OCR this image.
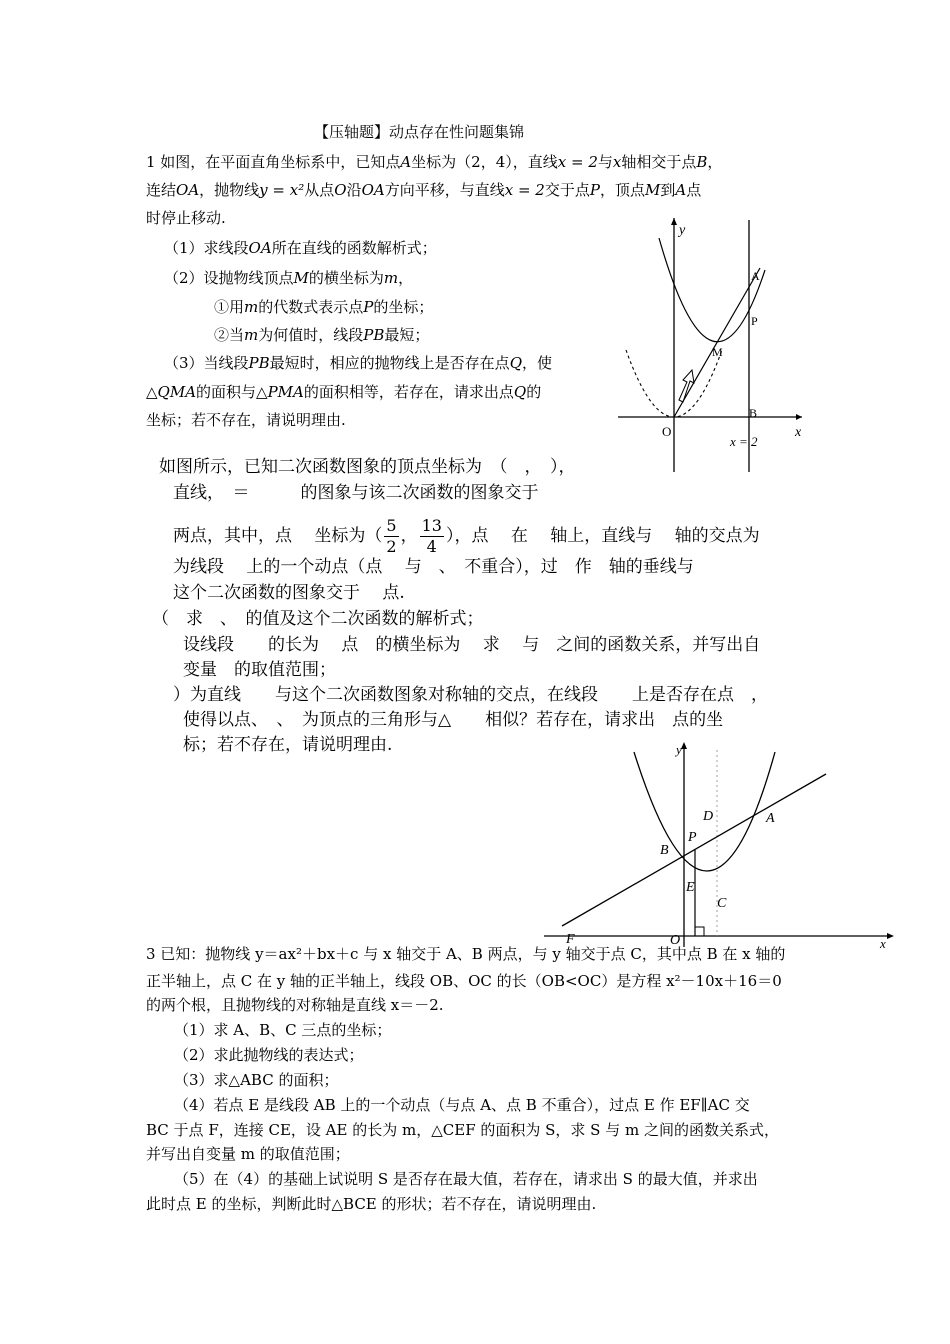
【压轴题】动点存在性问题集锦
1 如图，在平面直角坐标系中，已知点A坐标为（2，4），直线x = 2与x轴相交于点B，
连结OA，抛物线y = x²从点O沿OA方向平移，与直线x = 2交于点P，顶点M到A点
时停止移动.
（1）求线段OA所在直线的函数解析式；
（2）设抛物线顶点M的横坐标为m，
①用m的代数式表示点P的坐标；
②当m为何值时，线段PB最短；
（3）当线段PB最短时，相应的抛物线上是否存在点Q，使
△QMA的面积与△PMA的面积相等，若存在，请求出点Q的
坐标；若不存在，请说明理由.
y
x
O
A
P
M
B
x = 2
如图所示，已知二次函数图象的顶点坐标为　（　，　），
直线，　＝　　　的图象与该二次函数的图象交于
两点，其中，点　 坐标为（ $\frac{5}{2}$ ， $\frac{13}{4}$ ），点　 在　 轴上，直线与　 轴的交点为
为线段　 上的一个动点（点　 与　、　不重合），过　作　轴的垂线与
这个二次函数的图象交于　 点.
（　求　、　的值及这个二次函数的解析式；
设线段　　的长为　 点　的横坐标为　 求　 与　之间的函数关系，并写出自
变量　的取值范围；
）为直线　　与这个二次函数图象对称轴的交点，在线段　　上是否存在点　，
使得以点、　、　为顶点的三角形与△　　相似？若存在，请求出　点的坐
标；若不存在，请说明理由.	y
x
D	A
P
B
E
C
F	O
3 已知：抛物线 y＝ax²＋bx＋c 与 x 轴交于 A、B 两点，与 y 轴交于点 C，其中点 B 在 x 轴的
正半轴上，点 C 在 y 轴的正半轴上，线段 OB、OC 的长（OB<OC）是方程 x²－10x＋16＝0
的两个根，且抛物线的对称轴是直线 x＝－2.
（1）求 A、B、C 三点的坐标；
（2）求此抛物线的表达式；
（3）求△ABC 的面积；
（4）若点 E 是线段 AB 上的一个动点（与点 A、点 B 不重合），过点 E 作 EF∥AC 交
BC 于点 F，连接 CE，设 AE 的长为 m，△CEF 的面积为 S，求 S 与 m 之间的函数关系式，
并写出自变量 m 的取值范围；
（5）在（4）的基础上试说明 S 是否存在最大值，若存在，请求出 S 的最大值，并求出
此时点 E 的坐标，判断此时△BCE 的形状；若不存在，请说明理由.
